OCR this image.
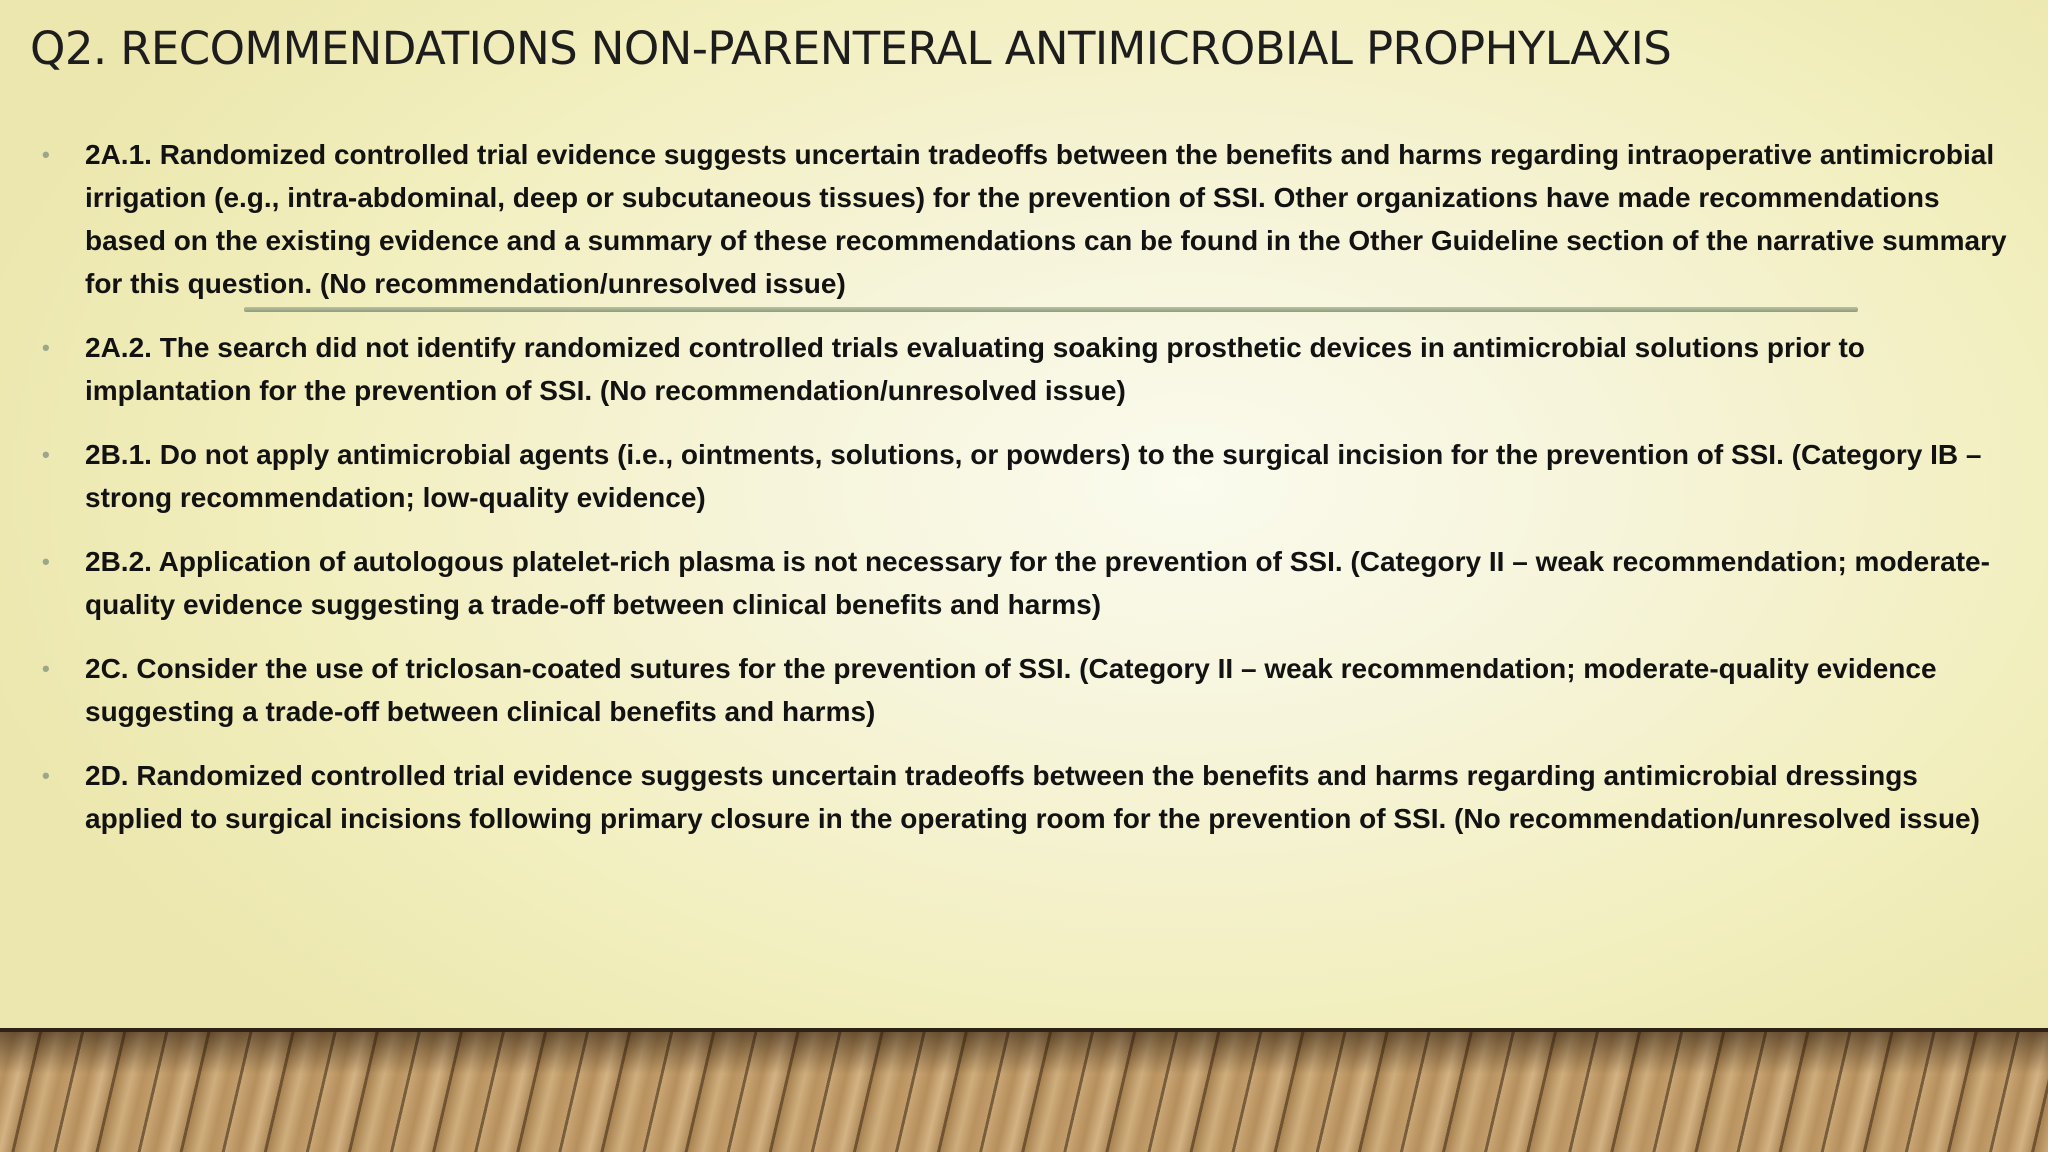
Q2. RECOMMENDATIONS NON-PARENTERAL ANTIMICROBIAL PROPHYLAXIS
•	2A.1. Randomized controlled trial evidence suggests uncertain tradeoffs between the benefits and harms regarding intraoperative antimicrobial irrigation (e.g., intra-abdominal, deep or subcutaneous tissues) for the prevention of SSI. Other organizations have made recommendations based on the existing evidence and a summary of these recommendations can be found in the Other Guideline section of the narrative summary for this question. (No recommendation/unresolved issue)
•	2A.2. The search did not identify randomized controlled trials evaluating soaking prosthetic devices in antimicrobial solutions prior to implantation for the prevention of SSI. (No recommendation/unresolved issue)
•	2B.1. Do not apply antimicrobial agents (i.e., ointments, solutions, or powders) to the surgical incision for the prevention of SSI. (Category IB – strong recommendation; low-quality evidence)
•	2B.2. Application of autologous platelet-rich plasma is not necessary for the prevention of SSI. (Category II – weak recommendation; moderate-quality evidence suggesting a trade-off between clinical benefits and harms)
•	2C. Consider the use of triclosan-coated sutures for the prevention of SSI. (Category II – weak recommendation; moderate-quality evidence suggesting a trade-off between clinical benefits and harms)
•	2D. Randomized controlled trial evidence suggests uncertain tradeoffs between the benefits and harms regarding antimicrobial dressings applied to surgical incisions following primary closure in the operating room for the prevention of SSI. (No recommendation/unresolved issue)
